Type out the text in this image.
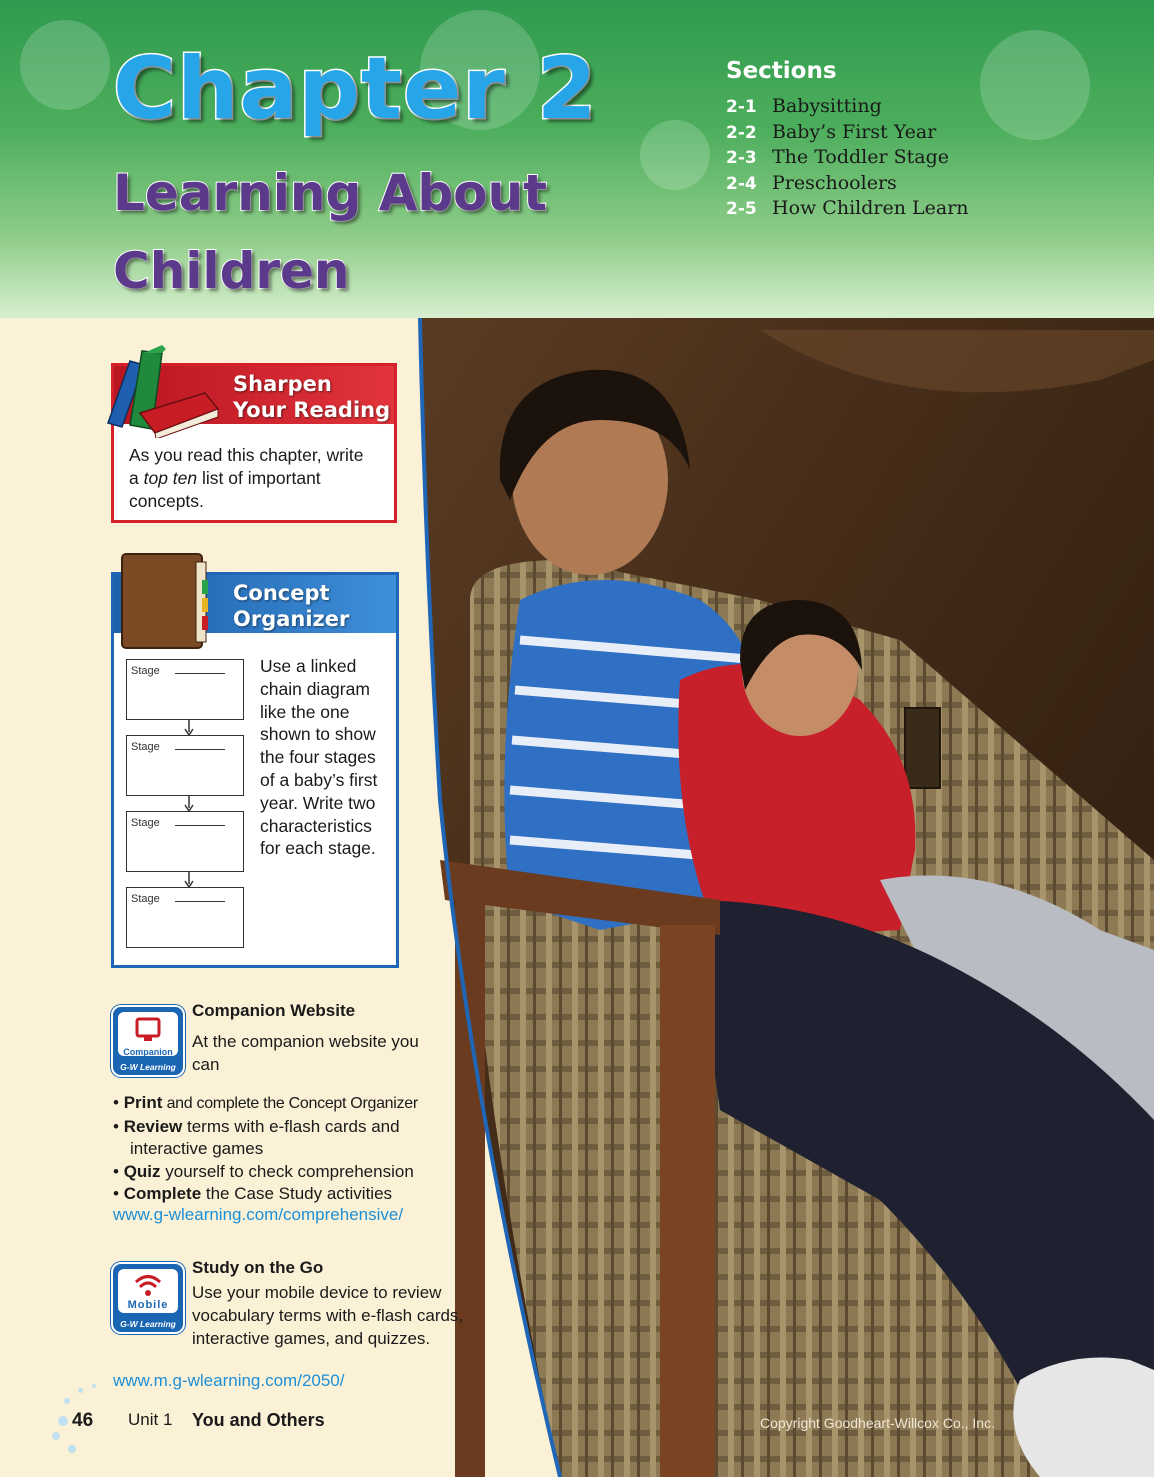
Chapter 2
Learning About
Children
Sections
2-1 Babysitting
2-2 Baby’s First Year
2-3 The Toddler Stage
2-4 Preschoolers
2-5 How Children Learn
Sharpen
Your Reading
As you read this chapter, write a top ten list of important concepts.
Concept
Organizer
Stage
Stage
Stage
Stage
Use a linked chain diagram like the one shown to show the four stages of a baby’s first year. Write two characteristics for each stage.
Companion
G-W Learning
Companion Website
At the companion website you can
• Print and complete the Concept Organizer
• Review terms with e-flash cards and interactive games
• Quiz yourself to check comprehension
• Complete the Case Study activities
www.g-wlearning.com/comprehensive/
Mobile
G-W Learning
Study on the Go
Use your mobile device to review vocabulary terms with e-flash cards, interactive games, and quizzes.
www.m.g-wlearning.com/2050/
46 Unit 1 You and Others	Copyright Goodheart-Willcox Co., Inc.
